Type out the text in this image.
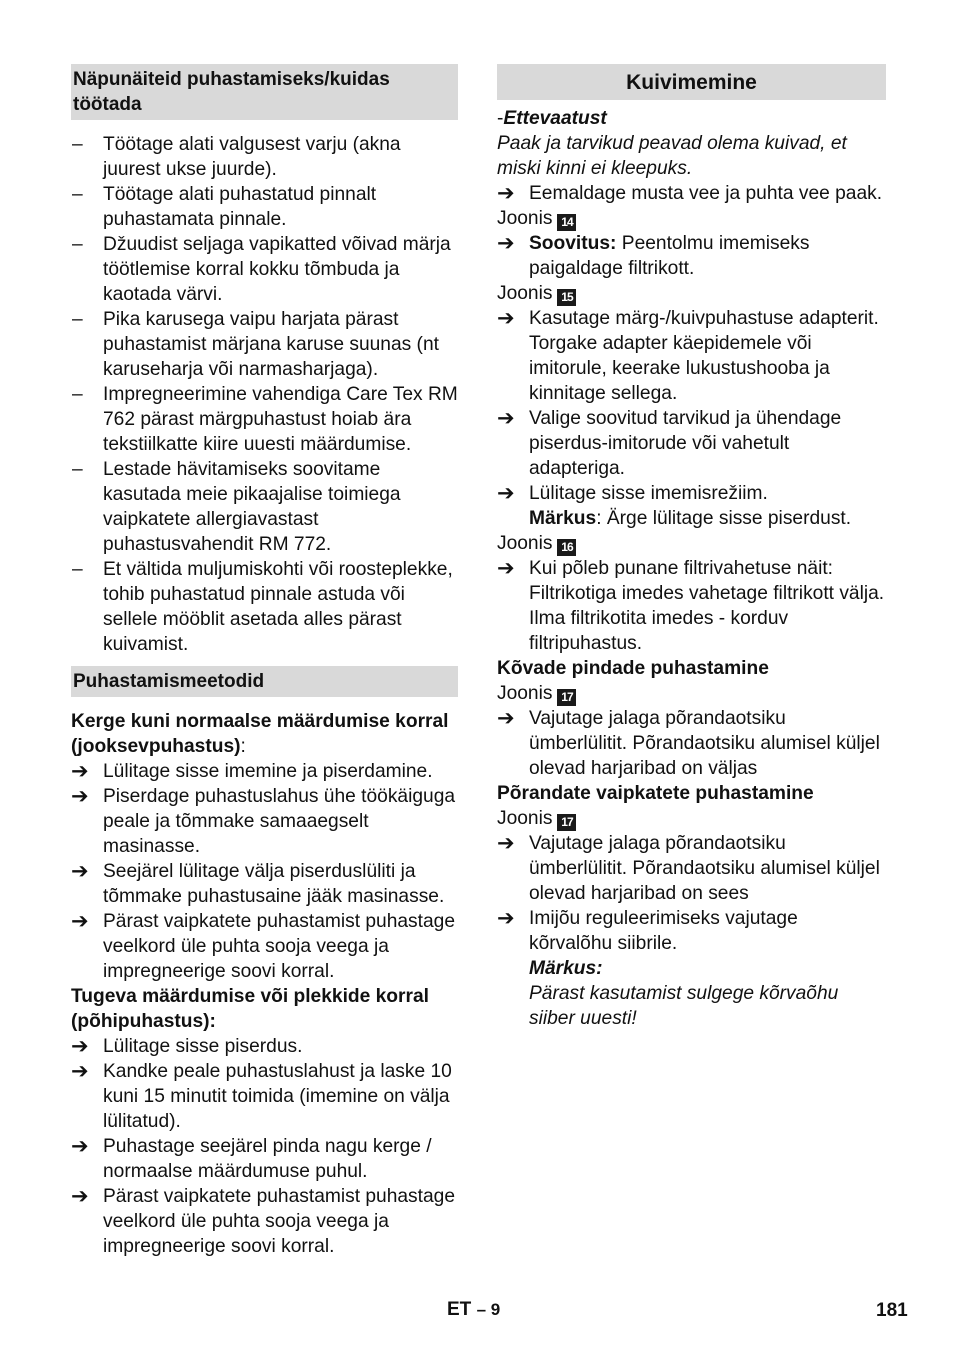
Näpunäiteid puhastamiseks/kuidas töötada
–	Töötage alati valgusest varju (akna juurest ukse juurde).
–	Töötage alati puhastatud pinnalt puhastamata pinnale.
–	Džuudist seljaga vapikatted võivad märja töötlemise korral kokku tõmbuda ja kaotada värvi.
–	Pika karusega vaipu harjata pärast puhastamist märjana karuse suunas (nt karuseharja või narmasharjaga).
–	Impregneerimine vahendiga Care Tex RM 762 pärast märgpuhastust hoiab ära tekstiilkatte kiire uuesti määrdumise.
–	Lestade hävitamiseks soovitame kasutada meie pikaajalise toimiega vaipkatete allergiavastast puhastusvahendit RM 772.
–	Et vältida muljumiskohti või roosteplekke, tohib puhastatud pinnale astuda või sellele mööblit asetada alles pärast kuivamist.
Puhastamismeetodid
Kerge kuni normaalse määrdumise korral (jooksevpuhastus):
➔ Lülitage sisse imemine ja piserdamine.
➔ Piserdage puhastuslahus ühe töökäiguga peale ja tõmmake samaaegselt masinasse.
➔ Seejärel lülitage välja piserduslüliti ja tõmmake puhastusaine jääk masinasse.
➔ Pärast vaipkatete puhastamist puhastage veelkord üle puhta sooja veega ja impregneerige soovi korral.
Tugeva määrdumise või plekkide korral (põhipuhastus):
➔ Lülitage sisse piserdus.
➔ Kandke peale puhastuslahust ja laske 10 kuni 15 minutit toimida (imemine on välja lülitatud).
➔ Puhastage seejärel pinda nagu kerge / normaalse määrdumuse puhul.
➔ Pärast vaipkatete puhastamist puhastage veelkord üle puhta sooja veega ja impregneerige soovi korral.
Kuivimemine
-Ettevaatust
Paak ja tarvikud peavad olema kuivad, et miski kinni ei kleepuks.
➔ Eemaldage musta vee ja puhta vee paak.
Joonis 14
➔ Soovitus: Peentolmu imemiseks paigaldage filtrikott.
Joonis 15
➔ Kasutage märg-/kuivpuhastuse adapterit. Torgake adapter käepidemele või imitorule, keerake lukustushooba ja kinnitage sellega.
➔ Valige soovitud tarvikud ja ühendage piserdus-imitorude või vahetult adapteriga.
➔ Lülitage sisse imemisrežiim.
Märkus: Ärge lülitage sisse piserdust.
Joonis 16
➔ Kui põleb punane filtrivahetuse näit: Filtrikotiga imedes vahetage filtrikott välja.
Ilma filtrikotita imedes - korduv filtripuhastus.
Kõvade pindade puhastamine
Joonis 17
➔ Vajutage jalaga põrandaotsiku ümberlülitit. Põrandaotsiku alumisel küljel olevad harjaribad on väljas
Põrandate vaipkatete puhastamine
Joonis 17
➔ Vajutage jalaga põrandaotsiku ümberlülitit. Põrandaotsiku alumisel küljel olevad harjaribad on sees
➔ Imijõu reguleerimiseks vajutage kõrvalõhu siibrile.
Märkus:
Pärast kasutamist sulgege kõrvaõhu siiber uuesti!
ET – 9	181
